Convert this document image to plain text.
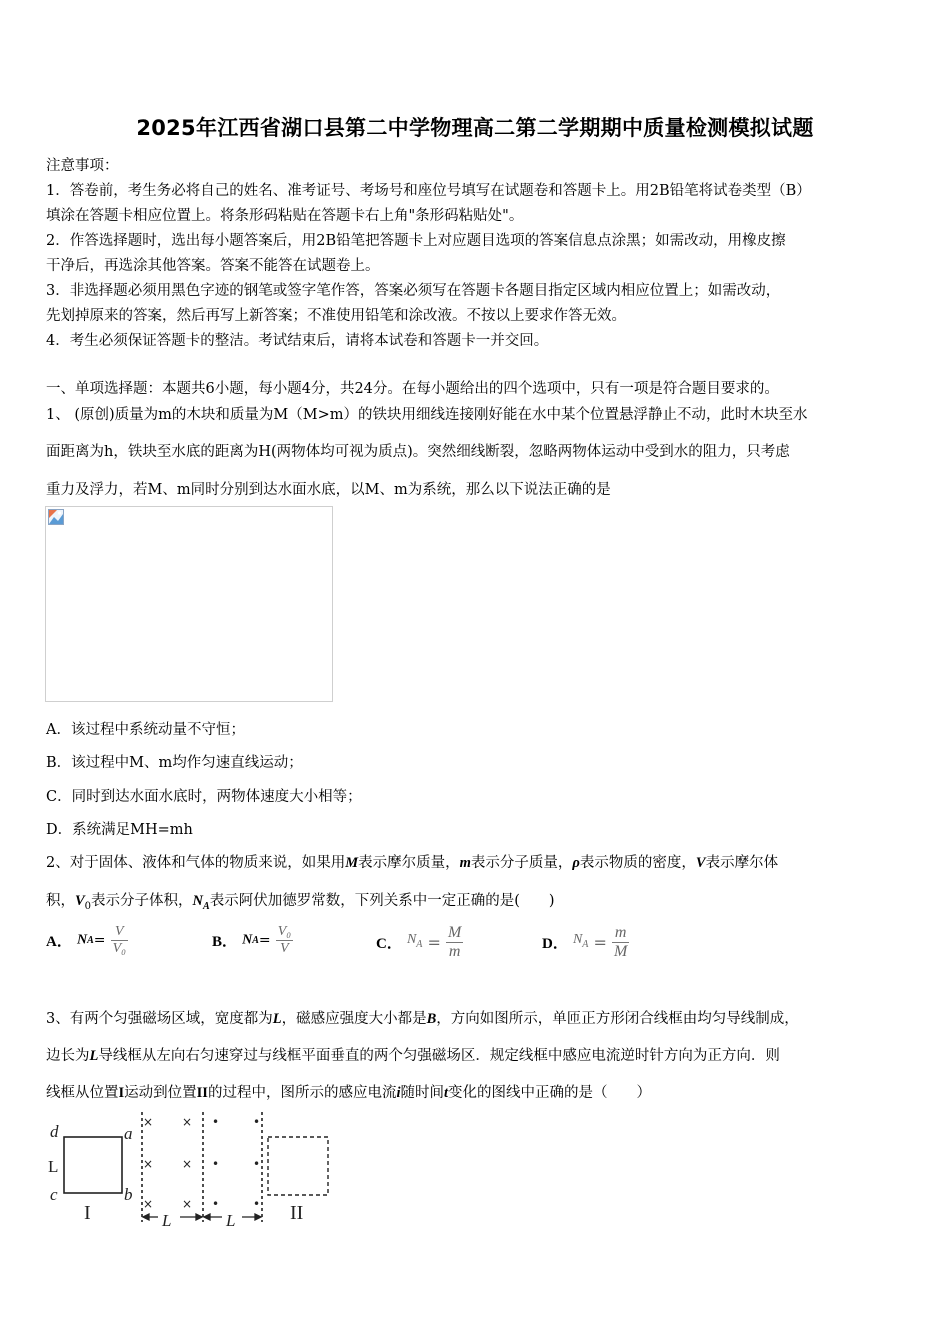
2025年江西省湖口县第二中学物理高二第二学期期中质量检测模拟试题
注意事项：
1．答卷前，考生务必将自己的姓名、准考证号、考场号和座位号填写在试题卷和答题卡上。用2B铅笔将试卷类型（B）
填涂在答题卡相应位置上。将条形码粘贴在答题卡右上角"条形码粘贴处"。
2．作答选择题时，选出每小题答案后，用2B铅笔把答题卡上对应题目选项的答案信息点涂黑；如需改动，用橡皮擦
干净后，再选涂其他答案。答案不能答在试题卷上。
3．非选择题必须用黑色字迹的钢笔或签字笔作答，答案必须写在答题卡各题目指定区域内相应位置上；如需改动，
先划掉原来的答案，然后再写上新答案；不准使用铅笔和涂改液。不按以上要求作答无效。
4．考生必须保证答题卡的整洁。考试结束后，请将本试卷和答题卡一并交回。
一、单项选择题：本题共6小题，每小题4分，共24分。在每小题给出的四个选项中，只有一项是符合题目要求的。
1、 (原创)质量为m的木块和质量为M（M>m）的铁块用细线连接刚好能在水中某个位置悬浮静止不动，此时木块至水
面距离为h，铁块至水底的距离为H(两物体均可视为质点)。突然细线断裂，忽略两物体运动中受到水的阻力，只考虑
重力及浮力，若M、m同时分别到达水面水底，以M、m为系统，那么以下说法正确的是
A．该过程中系统动量不守恒；
B．该过程中M、m均作匀速直线运动；
C．同时到达水面水底时，两物体速度大小相等；
D．系统满足MH=mh
2、对于固体、液体和气体的物质来说，如果用M表示摩尔质量，m表示分子质量，ρ表示物质的密度，V表示摩尔体
积，$V_0$表示分子体积，$N_A$表示阿伏加德罗常数，下列关系中一定正确的是(　　)
A． $NA= \frac{V}{\text{V₀}}$	B． $NA= \frac{\text{V₀}}{V}$	C． $N_A = \frac{M}{m}$	D． $N_A = \frac{m}{M}$
3、有两个匀强磁场区域，宽度都为L，磁感应强度大小都是B，方向如图所示，单匝正方形闭合线框由均匀导线制成，
边长为L导线框从左向右匀速穿过与线框平面垂直的两个匀强磁场区．规定线框中感应电流逆时针方向为正方向．则
线框从位置I运动到位置II的过程中，图所示的感应电流i随时间t变化的图线中正确的是（　　）
d	a
L
c	b
I	II
L	L
×
×
×
×
×
×
•
•
•
•
•
•
